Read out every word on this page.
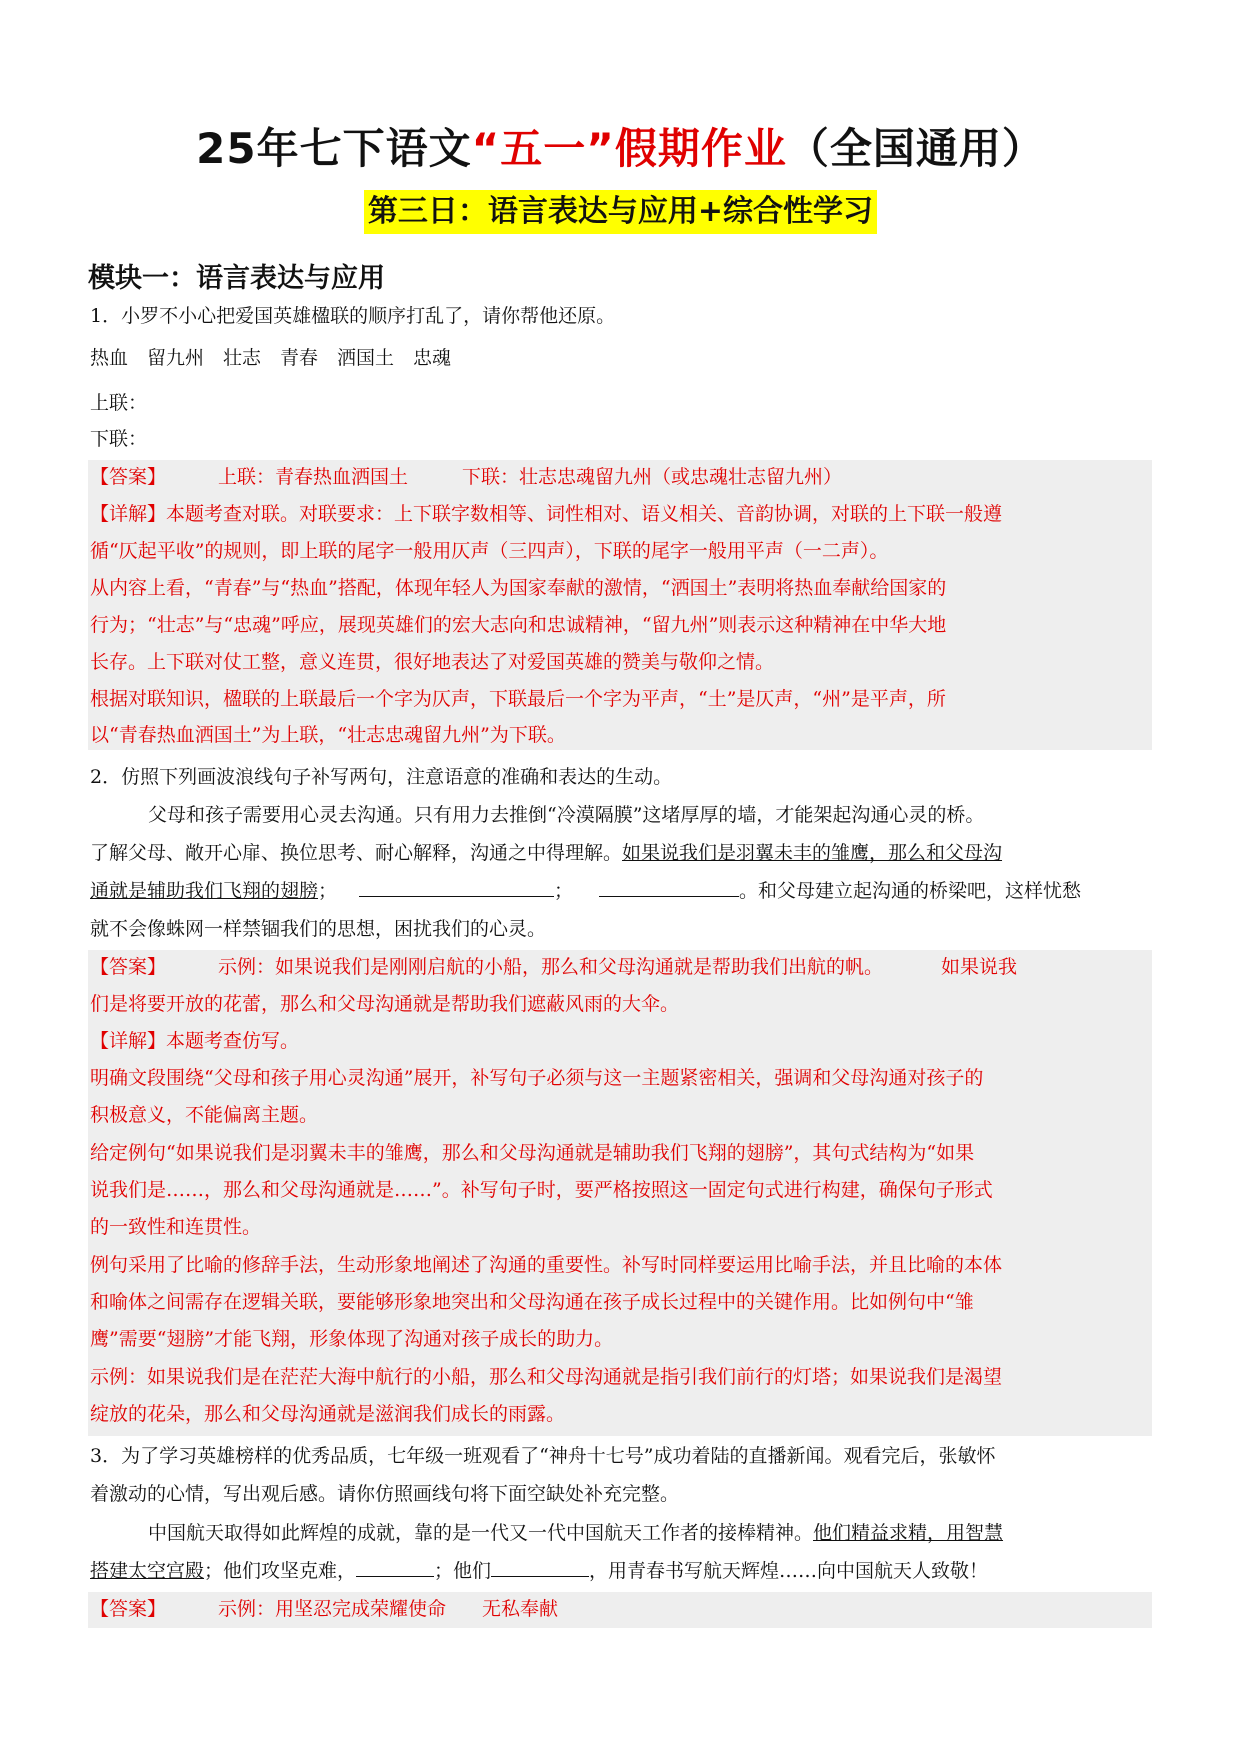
25年七下语文“五一”假期作业（全国通用）
第三日：语言表达与应用+综合性学习
模块一：语言表达与应用
1．小罗不小心把爱国英雄楹联的顺序打乱了，请你帮他还原。
热血　留九州　壮志　青春　洒国土　忠魂
上联：
下联：
【答案】	上联：青春热血洒国土	下联：壮志忠魂留九州（或忠魂壮志留九州）
【详解】本题考查对联。对联要求：上下联字数相等、词性相对、语义相关、音韵协调，对联的上下联一般遵
循“仄起平收”的规则，即上联的尾字一般用仄声（三四声），下联的尾字一般用平声（一二声）。
从内容上看，“青春”与“热血”搭配，体现年轻人为国家奉献的激情，“洒国土”表明将热血奉献给国家的
行为；“壮志”与“忠魂”呼应，展现英雄们的宏大志向和忠诚精神，“留九州”则表示这种精神在中华大地
长存。上下联对仗工整，意义连贯，很好地表达了对爱国英雄的赞美与敬仰之情。
根据对联知识，楹联的上联最后一个字为仄声，下联最后一个字为平声，“土”是仄声，“州”是平声，所
以“青春热血洒国土”为上联，“壮志忠魂留九州”为下联。
2．仿照下列画波浪线句子补写两句，注意语意的准确和表达的生动。
父母和孩子需要用心灵去沟通。只有用力去推倒“冷漠隔膜”这堵厚厚的墙，才能架起沟通心灵的桥。
了解父母、敞开心扉、换位思考、耐心解释，沟通之中得理解。如果说我们是羽翼未丰的雏鹰，那么和父母沟
通就是辅助我们飞翔的翅膀；	；	。和父母建立起沟通的桥梁吧，这样忧愁
就不会像蛛网一样禁锢我们的思想，困扰我们的心灵。
【答案】	示例：如果说我们是刚刚启航的小船，那么和父母沟通就是帮助我们出航的帆。	如果说我
们是将要开放的花蕾，那么和父母沟通就是帮助我们遮蔽风雨的大伞。
【详解】本题考查仿写。
明确文段围绕“父母和孩子用心灵沟通”展开，补写句子必须与这一主题紧密相关，强调和父母沟通对孩子的
积极意义，不能偏离主题。
给定例句“如果说我们是羽翼未丰的雏鹰，那么和父母沟通就是辅助我们飞翔的翅膀”，其句式结构为“如果
说我们是……，那么和父母沟通就是……”。补写句子时，要严格按照这一固定句式进行构建，确保句子形式
的一致性和连贯性。
例句采用了比喻的修辞手法，生动形象地阐述了沟通的重要性。补写时同样要运用比喻手法，并且比喻的本体
和喻体之间需存在逻辑关联，要能够形象地突出和父母沟通在孩子成长过程中的关键作用。比如例句中“雏
鹰”需要“翅膀”才能飞翔，形象体现了沟通对孩子成长的助力。
示例：如果说我们是在茫茫大海中航行的小船，那么和父母沟通就是指引我们前行的灯塔；如果说我们是渴望
绽放的花朵，那么和父母沟通就是滋润我们成长的雨露。
3．为了学习英雄榜样的优秀品质，七年级一班观看了“神舟十七号”成功着陆的直播新闻。观看完后，张敏怀
着激动的心情，写出观后感。请你仿照画线句将下面空缺处补充完整。
中国航天取得如此辉煌的成就，靠的是一代又一代中国航天工作者的接棒精神。他们精益求精，用智慧
搭建太空宫殿；他们攻坚克难，	；他们	，用青春书写航天辉煌……向中国航天人致敬！
【答案】	示例：用坚忍完成荣耀使命 无私奉献
